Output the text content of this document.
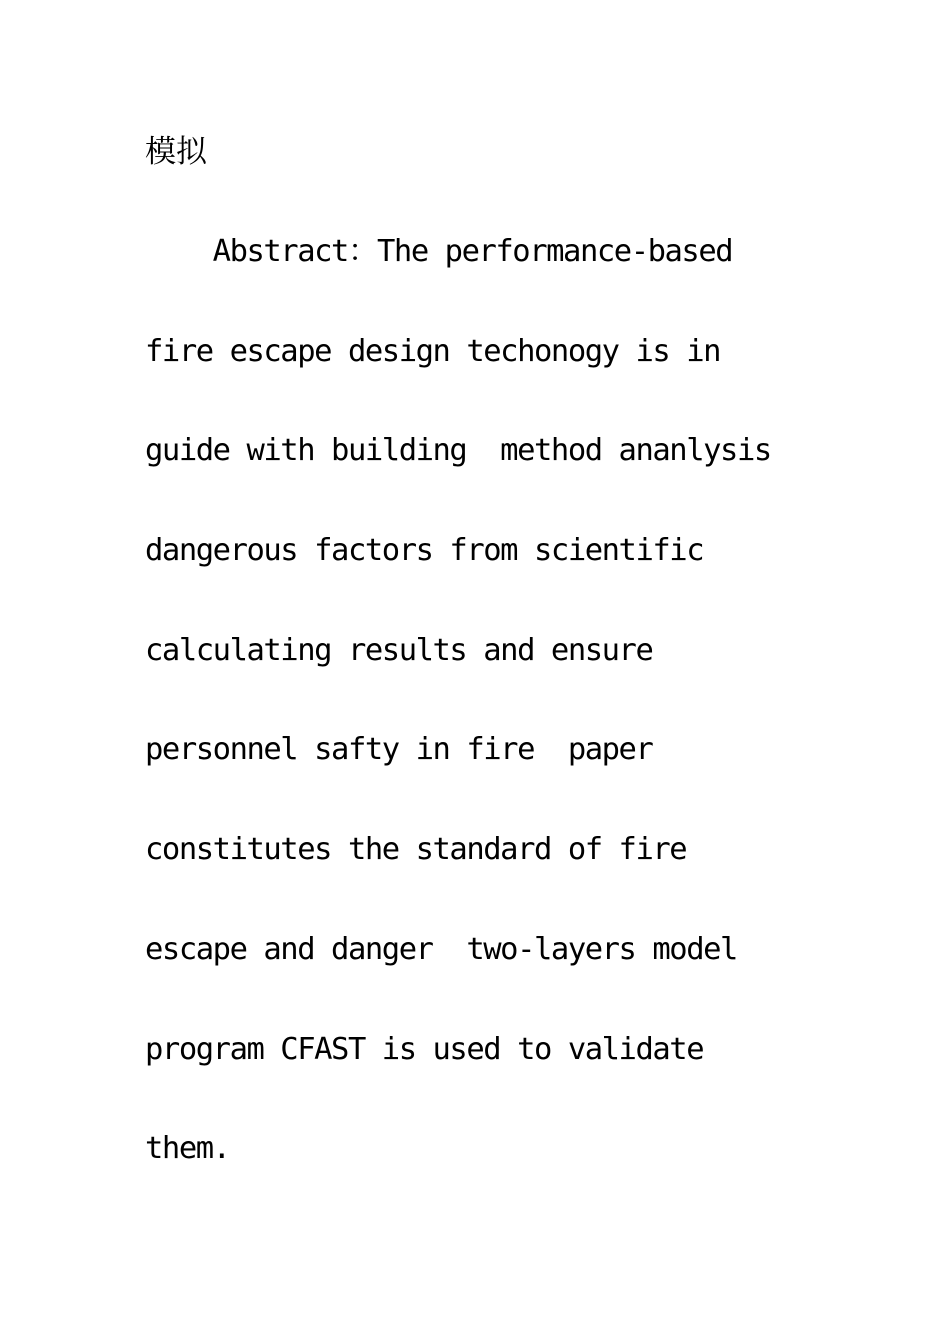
模拟
Abstract：The performance-based
fire escape design techonogy is in
guide with building  method ananlysis
dangerous factors from scientific
calculating results and ensure
personnel safty in fire  paper
constitutes the standard of fire
escape and danger  two-layers model
program CFAST is used to validate
them.
